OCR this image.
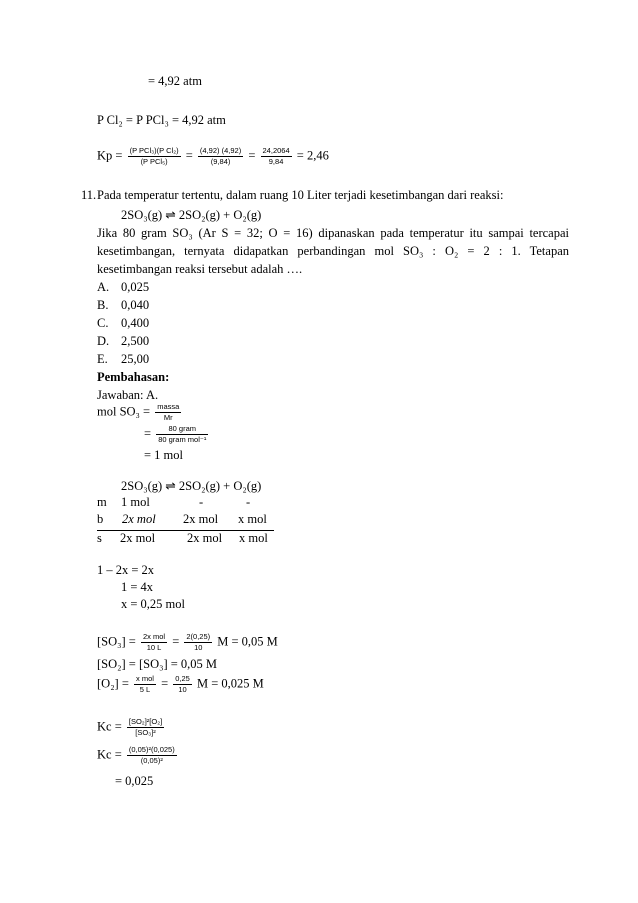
= 4,92 atm
P Cl₂ = P PCl₃ = 4,92 atm
$Kp = \frac{\text{(P PCl₃)(P Cl₂)}}{\text{(P PCl₅)}} = \frac{(4,92) (4,92)}{(9,84)} = \frac{24,2064}{9,84} = 2,46$
11. Pada temperatur tertentu, dalam ruang 10 Liter terjadi kesetimbangan dari reaksi:
2SO₃(g) ⇌ 2SO₂(g) + O₂(g)
Jika 80 gram SO₃ (Ar S = 32; O = 16) dipanaskan pada temperatur itu sampai tercapai
kesetimbangan, ternyata didapatkan perbandingan mol SO₃ : O₂ = 2 : 1. Tetapan
kesetimbangan reaksi tersebut adalah ….
A. 0,025
B. 0,040
C. 0,400
D. 2,500
E. 25,00
Pembahasan:
Jawaban: A.
mol $SO_3 = \frac{\text{massa}}{Mr}$
= $\frac{\text{80 gram}}{\text{80 gram mol⁻¹}}$
= 1 mol
2SO₃(g) ⇌ 2SO₂(g) + O₂(g)
m 1 mol	-	-
b 2x mol 2x mol x mol
s 2x mol	2x mol x mol
1 – 2x = 2x
1 = 4x
x = 0,25 mol
$[SO_3] = \frac{\text{2x mol}}{10 L} = \frac{2(0,25)}{10}$ M = 0,05 M
[SO₂] = [SO₃] = 0,05 M
$[O_2] = \frac{\text{x mol}}{5 L} = \frac{0,25}{10}$ M = 0,025 M
$Kc = \frac{\text{[SO₂]²[O₂]}}{\text{[SO₃]²}}$
$Kc = \frac{\text{(0,05)²(0,025)}}{\text{(0,05)²}}$
= 0,025
